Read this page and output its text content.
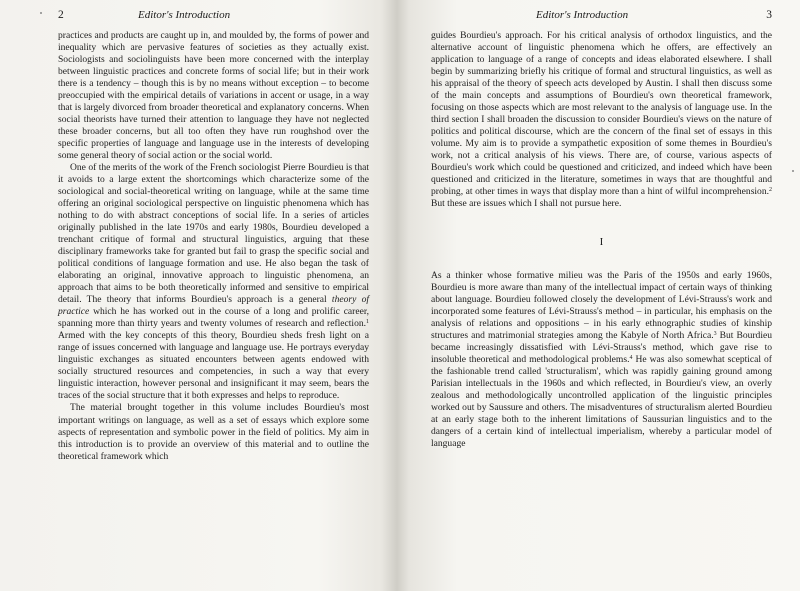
2	Editor's Introduction

practices and products are caught up in, and moulded by, the forms of power and inequality which are pervasive features of societies as they actually exist. Sociologists and sociolinguists have been more concerned with the interplay between linguistic practices and concrete forms of social life; but in their work there is a tendency – though this is by no means without exception – to become preoccupied with the empirical details of variations in accent or usage, in a way that is largely divorced from broader theoretical and explanatory concerns. When social theorists have turned their attention to language they have not neglected these broader concerns, but all too often they have run roughshod over the specific properties of language and language use in the interests of developing some general theory of social action or the social world.

One of the merits of the work of the French sociologist Pierre Bourdieu is that it avoids to a large extent the shortcomings which characterize some of the sociological and social-theoretical writing on language, while at the same time offering an original sociological perspective on linguistic phenomena which has nothing to do with abstract conceptions of social life. In a series of articles originally published in the late 1970s and early 1980s, Bourdieu developed a trenchant critique of formal and structural linguistics, arguing that these disciplinary frameworks take for granted but fail to grasp the specific social and political conditions of language formation and use. He also began the task of elaborating an original, innovative approach to linguistic phenomena, an approach that aims to be both theoretically informed and sensitive to empirical detail. The theory that informs Bourdieu's approach is a general theory of practice which he has worked out in the course of a long and prolific career, spanning more than thirty years and twenty volumes of research and reflection.$^1$ Armed with the key concepts of this theory, Bourdieu sheds fresh light on a range of issues concerned with language and language use. He portrays everyday linguistic exchanges as situated encounters between agents endowed with socially structured resources and competencies, in such a way that every linguistic interaction, however personal and insignificant it may seem, bears the traces of the social structure that it both expresses and helps to reproduce.

The material brought together in this volume includes Bourdieu's most important writings on language, as well as a set of essays which explore some aspects of representation and symbolic power in the field of politics. My aim in this introduction is to provide an overview of this material and to outline the theoretical framework which

Editor's Introduction	3

guides Bourdieu's approach. For his critical analysis of orthodox linguistics, and the alternative account of linguistic phenomena which he offers, are effectively an application to language of a range of concepts and ideas elaborated elsewhere. I shall begin by summarizing briefly his critique of formal and structural linguistics, as well as his appraisal of the theory of speech acts developed by Austin. I shall then discuss some of the main concepts and assumptions of Bourdieu's own theoretical framework, focusing on those aspects which are most relevant to the analysis of language use. In the third section I shall broaden the discussion to consider Bourdieu's views on the nature of politics and political discourse, which are the concern of the final set of essays in this volume. My aim is to provide a sympathetic exposition of some themes in Bourdieu's work, not a critical analysis of his views. There are, of course, various aspects of Bourdieu's work which could be questioned and criticized, and indeed which have been questioned and criticized in the literature, sometimes in ways that are thoughtful and probing, at other times in ways that display more than a hint of wilful incomprehension.$^2$ But these are issues which I shall not pursue here.

I

As a thinker whose formative milieu was the Paris of the 1950s and early 1960s, Bourdieu is more aware than many of the intellectual impact of certain ways of thinking about language. Bourdieu followed closely the development of Lévi-Strauss's work and incorporated some features of Lévi-Strauss's method – in particular, his emphasis on the analysis of relations and oppositions – in his early ethnographic studies of kinship structures and matrimonial strategies among the Kabyle of North Africa.$^3$ But Bourdieu became increasingly dissatisfied with Lévi-Strauss's method, which gave rise to insoluble theoretical and methodological problems.$^4$ He was also somewhat sceptical of the fashionable trend called 'structuralism', which was rapidly gaining ground among Parisian intellectuals in the 1960s and which reflected, in Bourdieu's view, an overly zealous and methodologically uncontrolled application of the linguistic principles worked out by Saussure and others. The misadventures of structuralism alerted Bourdieu at an early stage both to the inherent limitations of Saussurian linguistics and to the dangers of a certain kind of intellectual imperialism, whereby a particular model of language
